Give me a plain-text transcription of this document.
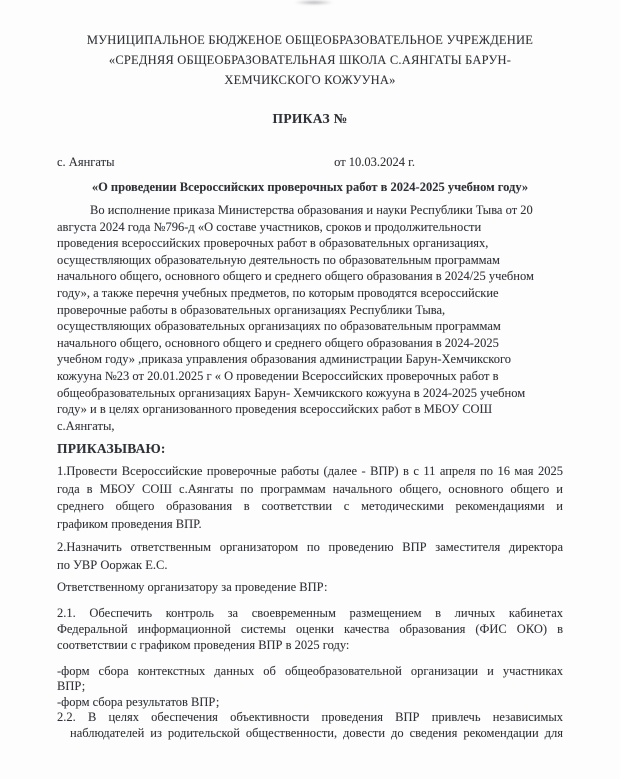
МУНИЦИПАЛЬНОЕ БЮДЖЕНОЕ ОБЩЕОБРАЗОВАТЕЛЬНОЕ УЧРЕЖДЕНИЕ
«СРЕДНЯЯ ОБЩЕОБРАЗОВАТЕЛЬНАЯ ШКОЛА С.АЯНГАТЫ БАРУН-
ХЕМЧИКСКОГО КОЖУУНА»
ПРИКАЗ №
с. Аянгаты	от 10.03.2024 г.
«О проведении Всероссийских проверочных работ в 2024-2025 учебном году»
Во исполнение приказа Министерства образования и науки Республики Тыва от 20
августа 2024 года №796-д «О составе участников, сроков и продолжительности
проведения всероссийских проверочных работ в образовательных организациях,
осуществляющих образовательную деятельность по образовательным программам
начального общего, основного общего и среднего общего образования в 2024/25 учебном
году», а также перечня учебных предметов, по которым проводятся всероссийские
проверочные работы в образовательных организациях Республики Тыва,
осуществляющих образовательных организациях по образовательным программам
начального общего, основного общего и среднего общего образования в 2024-2025
учебном году» ,приказа управления образования администрации Барун-Хемчикского
кожууна №23 от 20.01.2025 г « О проведении Всероссийских проверочных работ в
общеобразовательных организациях Барун- Хемчикского кожууна в 2024-2025 учебном
году» и в целях организованного проведения всероссийских работ в МБОУ СОШ
с.Аянгаты,
ПРИКАЗЫВАЮ:
1.Провести Всероссийские проверочные работы (далее - ВПР) в с 11 апреля по 16 мая 2025
года в МБОУ СОШ с.Аянгаты по программам начального общего, основного общего и
среднего общего образования в соответствии с методическими рекомендациями и
графиком проведения ВПР.
2.Назначить ответственным организатором по проведению ВПР заместителя директора
по УВР Ооржак Е.С.
Ответственному организатору за проведение ВПР:
2.1. Обеспечить контроль за своевременным размещением в личных кабинетах
Федеральной информационной системы оценки качества образования (ФИС ОКО) в
соответствии с графиком проведения ВПР в 2025 году:
-форм сбора контекстных данных об общеобразовательной организации и участниках
ВПР;
-форм сбора результатов ВПР;
2.2. В целях обеспечения объективности проведения ВПР привлечь независимых
наблюдателей из родительской общественности, довести до сведения рекомендации для
